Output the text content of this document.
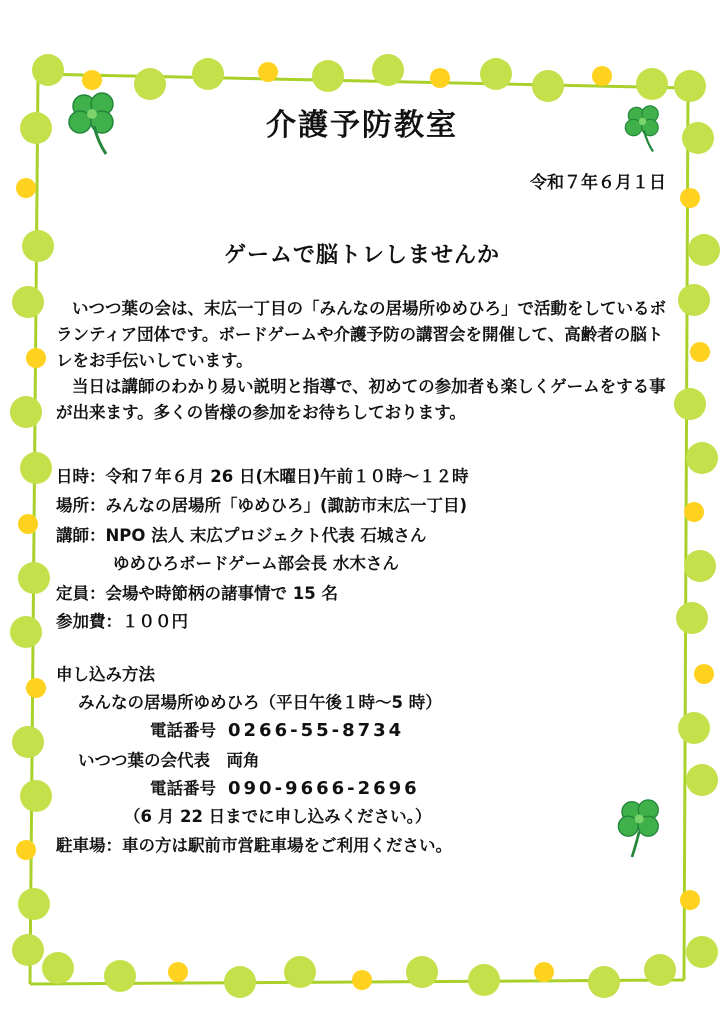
介護予防教室
令和７年６月１日
ゲームで脳トレしませんか
いつつ葉の会は、末広一丁目の「みんなの居場所ゆめひろ」で活動をしているボランティア団体です。ボードゲームや介護予防の講習会を開催して、高齢者の脳トレをお手伝いしています。
当日は講師のわかり易い説明と指導で、初めての参加者も楽しくゲームをする事が出来ます。多くの皆様の参加をお待ちしております。
日時：令和７年６月 26 日(木曜日)午前１０時～１２時
場所：みんなの居場所「ゆめひろ」(諏訪市末広一丁目)
講師：NPO 法人 末広プロジェクト代表 石城さん
ゆめひろボードゲーム部会長 水木さん
定員：会場や時節柄の諸事情で 15 名
参加費：１００円
申し込み方法
みんなの居場所ゆめひろ（平日午後１時～5 時）
電話番号 0266-55-8734
いつつ葉の会代表　両角
電話番号 090-9666-2696
（6 月 22 日までに申し込みください。）
駐車場：車の方は駅前市営駐車場をご利用ください。
